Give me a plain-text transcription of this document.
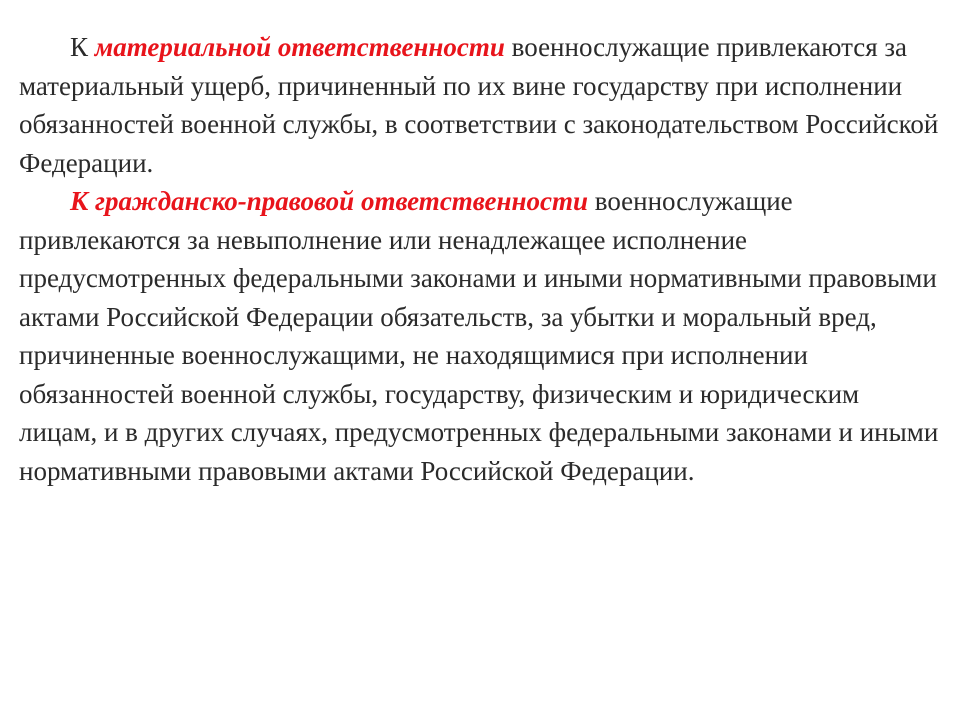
К материальной ответственности военнослужащие привлекаются за материальный ущерб, причиненный по их вине государству при исполнении обязанностей военной службы, в соответствии с законодательством Российской Федерации.

К гражданско-правовой ответственности военнослужащие привлекаются за невыполнение или ненадлежащее исполнение предусмотренных федеральными законами и иными нормативными правовыми актами Российской Федерации обязательств, за убытки и моральный вред, причиненные военнослужащими, не находящимися при исполнении обязанностей военной службы, государству, физическим и юридическим лицам, и в других случаях, предусмотренных федеральными законами и иными нормативными правовыми актами Российской Федерации.
